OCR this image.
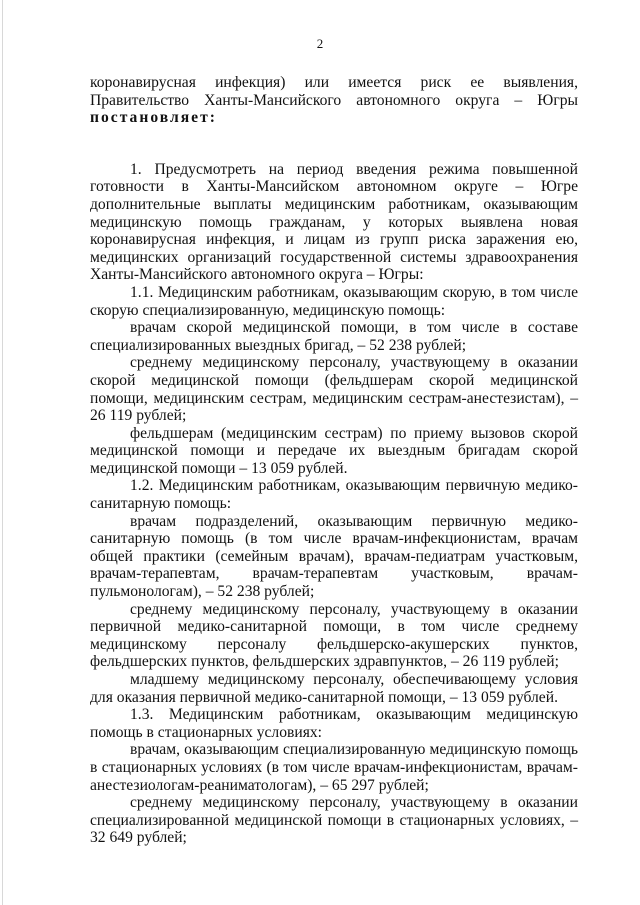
2

коронавирусная инфекция) или имеется риск ее выявления, Правительство Ханты-Мансийского автономного округа – Югры постановляет:

1. Предусмотреть на период введения режима повышенной готовности в Ханты-Мансийском автономном округе – Югре дополнительные выплаты медицинским работникам, оказывающим медицинскую помощь гражданам, у которых выявлена новая коронавирусная инфекция, и лицам из групп риска заражения ею, медицинских организаций государственной системы здравоохранения Ханты-Мансийского автономного округа – Югры:

1.1. Медицинским работникам, оказывающим скорую, в том числе скорую специализированную, медицинскую помощь:

врачам скорой медицинской помощи, в том числе в составе специализированных выездных бригад, – 52 238 рублей;

среднему медицинскому персоналу, участвующему в оказании скорой медицинской помощи (фельдшерам скорой медицинской помощи, медицинским сестрам, медицинским сестрам-анестезистам), – 26 119 рублей;

фельдшерам (медицинским сестрам) по приему вызовов скорой медицинской помощи и передаче их выездным бригадам скорой медицинской помощи – 13 059 рублей.

1.2. Медицинским работникам, оказывающим первичную медико-санитарную помощь:

врачам подразделений, оказывающим первичную медико-санитарную помощь (в том числе врачам-инфекционистам, врачам общей практики (семейным врачам), врачам-педиатрам участковым, врачам-терапевтам, врачам-терапевтам участковым, врачам-пульмонологам), – 52 238 рублей;

среднему медицинскому персоналу, участвующему в оказании первичной медико-санитарной помощи, в том числе среднему медицинскому персоналу фельдшерско-акушерских пунктов, фельдшерских пунктов, фельдшерских здравпунктов, – 26 119 рублей;

младшему медицинскому персоналу, обеспечивающему условия для оказания первичной медико-санитарной помощи, – 13 059 рублей.

1.3. Медицинским работникам, оказывающим медицинскую помощь в стационарных условиях:

врачам, оказывающим специализированную медицинскую помощь в стационарных условиях (в том числе врачам-инфекционистам, врачам-анестезиологам-реаниматологам), – 65 297 рублей;

среднему медицинскому персоналу, участвующему в оказании специализированной медицинской помощи в стационарных условиях, – 32 649 рублей;
